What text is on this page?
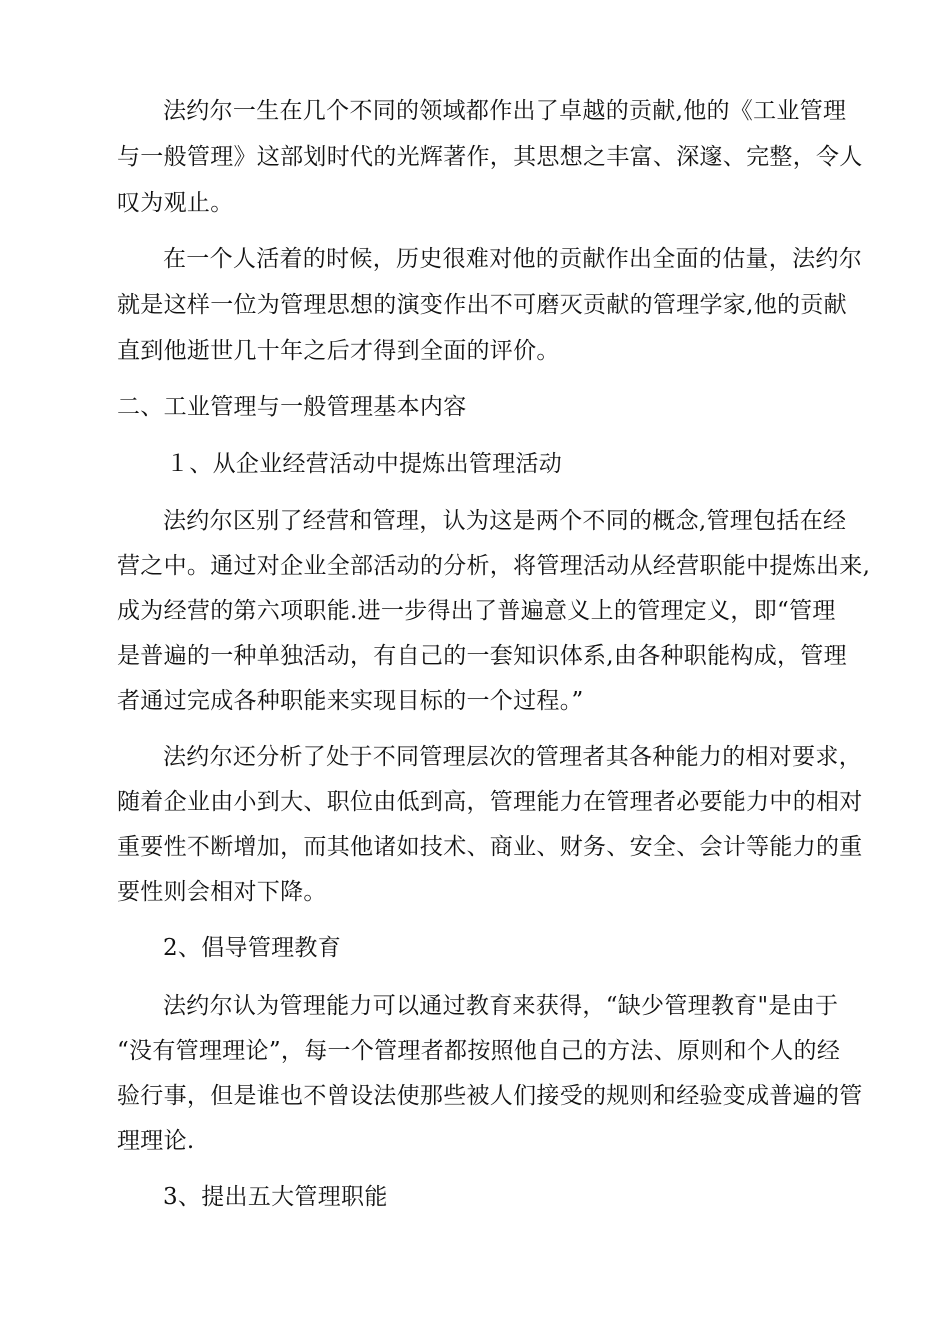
法约尔一生在几个不同的领域都作出了卓越的贡献,他的《工业管理
与一般管理》这部划时代的光辉著作，其思想之丰富、深邃、完整，令人
叹为观止。
在一个人活着的时候，历史很难对他的贡献作出全面的估量，法约尔
就是这样一位为管理思想的演变作出不可磨灭贡献的管理学家,他的贡献
直到他逝世几十年之后才得到全面的评价。
二、工业管理与一般管理基本内容
１、从企业经营活动中提炼出管理活动
法约尔区别了经营和管理，认为这是两个不同的概念,管理包括在经
营之中。通过对企业全部活动的分析，将管理活动从经营职能中提炼出来,
成为经营的第六项职能.进一步得出了普遍意义上的管理定义，即“管理
是普遍的一种单独活动，有自己的一套知识体系,由各种职能构成，管理
者通过完成各种职能来实现目标的一个过程。”
法约尔还分析了处于不同管理层次的管理者其各种能力的相对要求，
随着企业由小到大、职位由低到高，管理能力在管理者必要能力中的相对
重要性不断增加，而其他诸如技术、商业、财务、安全、会计等能力的重
要性则会相对下降。
2、倡导管理教育
法约尔认为管理能力可以通过教育来获得，“缺少管理教育"是由于
“没有管理理论”，每一个管理者都按照他自己的方法、原则和个人的经
验行事，但是谁也不曾设法使那些被人们接受的规则和经验变成普遍的管
理理论.
3、提出五大管理职能
